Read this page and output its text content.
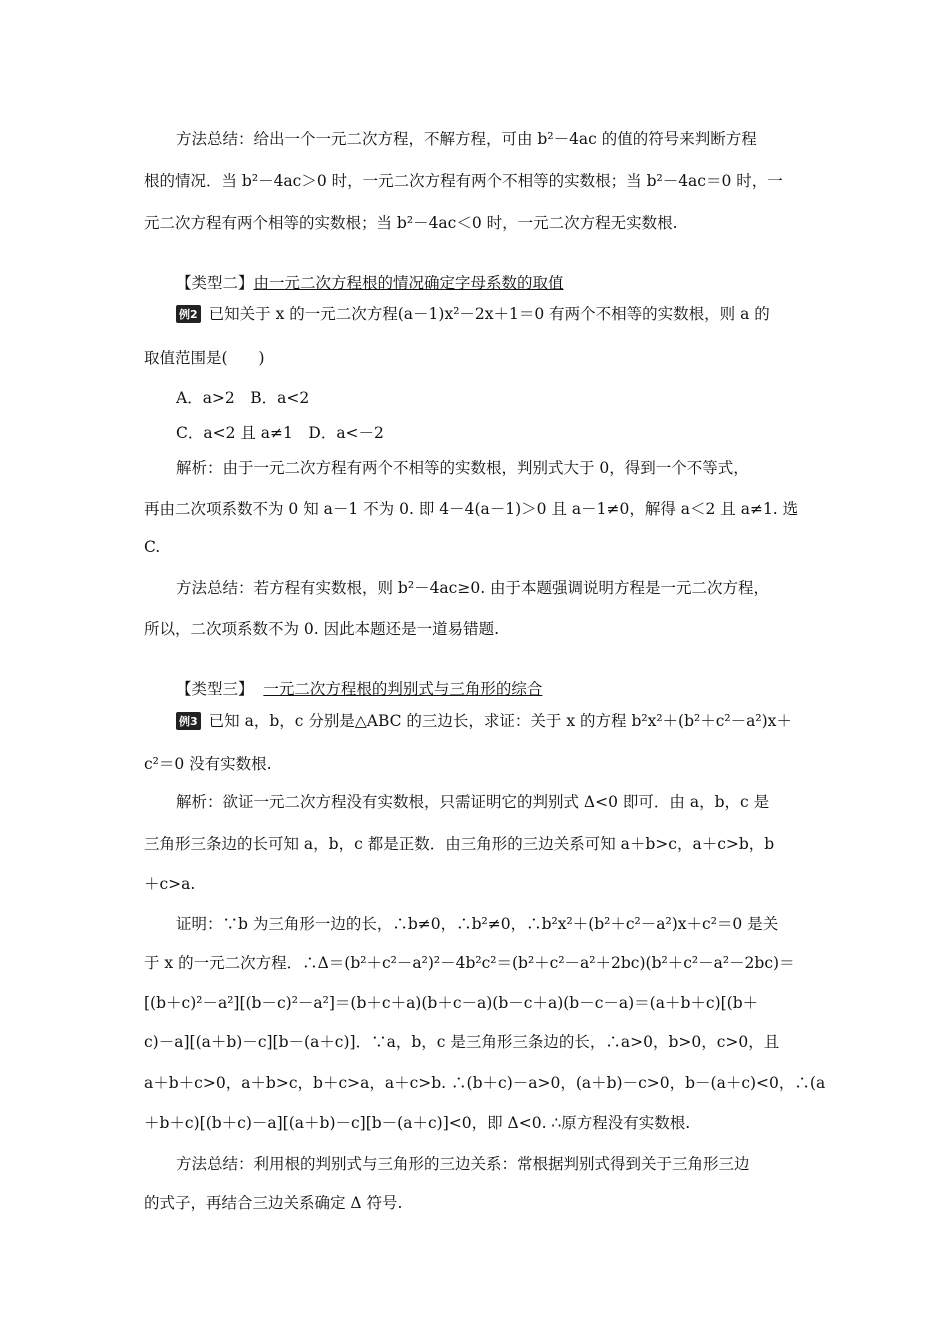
方法总结：给出一个一元二次方程，不解方程，可由 b²－4ac 的值的符号来判断方程
根的情况．当 b²－4ac＞0 时，一元二次方程有两个不相等的实数根；当 b²－4ac＝0 时，一
元二次方程有两个相等的实数根；当 b²－4ac＜0 时，一元二次方程无实数根.
【类型二】由一元二次方程根的情况确定字母系数的取值
例2 已知关于 x 的一元二次方程(a－1)x²－2x＋1＝0 有两个不相等的实数根，则 a 的
取值范围是(　　)
A．a>2　B．a<2
C．a<2 且 a≠1　D．a<－2
解析：由于一元二次方程有两个不相等的实数根，判别式大于 0，得到一个不等式，
再由二次项系数不为 0 知 a－1 不为 0. 即 4－4(a－1)＞0 且 a－1≠0，解得 a＜2 且 a≠1. 选
C.
方法总结：若方程有实数根，则 b²－4ac≥0. 由于本题强调说明方程是一元二次方程，
所以，二次项系数不为 0. 因此本题还是一道易错题.
【类型三】 一元二次方程根的判别式与三角形的综合
例3 已知 a，b，c 分别是△ABC 的三边长，求证：关于 x 的方程 b²x²＋(b²＋c²－a²)x＋
c²＝0 没有实数根.
解析：欲证一元二次方程没有实数根，只需证明它的判别式 Δ<0 即可．由 a，b，c 是
三角形三条边的长可知 a，b，c 都是正数．由三角形的三边关系可知 a＋b>c，a＋c>b，b
＋c>a.
证明：∵b 为三角形一边的长，∴b≠0，∴b²≠0，∴b²x²＋(b²＋c²－a²)x＋c²＝0 是关
于 x 的一元二次方程．∴Δ＝(b²＋c²－a²)²－4b²c²＝(b²＋c²－a²＋2bc)(b²＋c²－a²－2bc)＝
[(b＋c)²－a²][(b－c)²－a²]＝(b＋c＋a)(b＋c－a)(b－c＋a)(b－c－a)＝(a＋b＋c)[(b＋
c)－a][(a＋b)－c][b－(a＋c)]．∵a，b，c 是三角形三条边的长，∴a>0，b>0，c>0，且
a＋b＋c>0，a＋b>c，b＋c>a，a＋c>b. ∴(b＋c)－a>0，(a＋b)－c>0，b－(a＋c)<0，∴(a
＋b＋c)[(b＋c)－a][(a＋b)－c][b－(a＋c)]<0，即 Δ<0. ∴原方程没有实数根.
方法总结：利用根的判别式与三角形的三边关系：常根据判别式得到关于三角形三边
的式子，再结合三边关系确定 Δ 符号.
